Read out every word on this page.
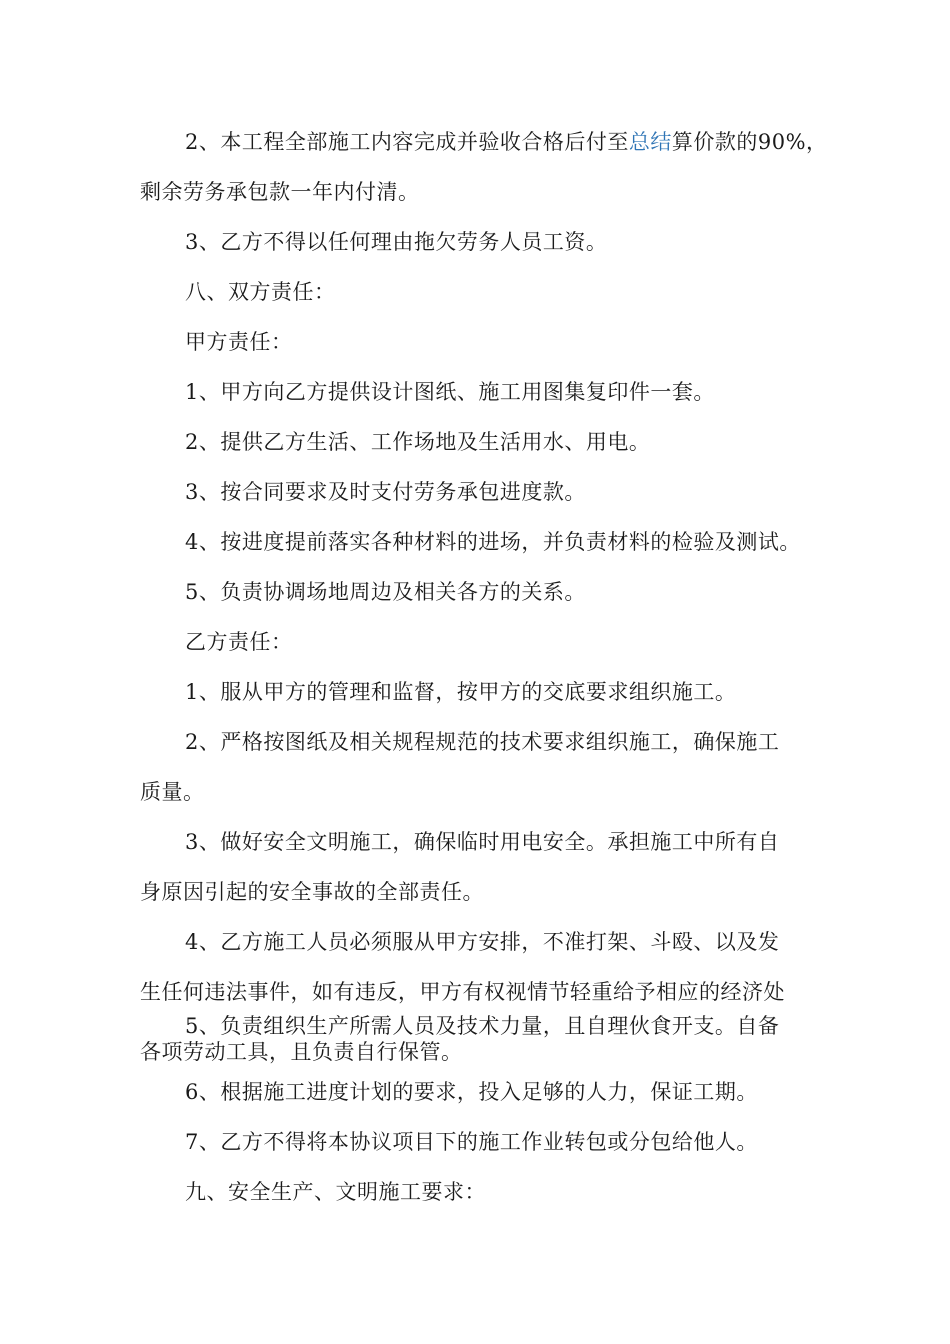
2、本工程全部施工内容完成并验收合格后付至总结算价款的90%，
剩余劳务承包款一年内付清。
3、乙方不得以任何理由拖欠劳务人员工资。
八、双方责任：
甲方责任：
1、甲方向乙方提供设计图纸、施工用图集复印件一套。
2、提供乙方生活、工作场地及生活用水、用电。
3、按合同要求及时支付劳务承包进度款。
4、按进度提前落实各种材料的进场，并负责材料的检验及测试。
5、负责协调场地周边及相关各方的关系。
乙方责任：
1、服从甲方的管理和监督，按甲方的交底要求组织施工。
2、严格按图纸及相关规程规范的技术要求组织施工，确保施工
质量。
3、做好安全文明施工，确保临时用电安全。承担施工中所有自
身原因引起的安全事故的全部责任。
4、乙方施工人员必须服从甲方安排，不准打架、斗殴、以及发
生任何违法事件，如有违反，甲方有权视情节轻重给予相应的经济处
5、负责组织生产所需人员及技术力量，且自理伙食开支。自备
各项劳动工具，且负责自行保管。
6、根据施工进度计划的要求，投入足够的人力，保证工期。
7、乙方不得将本协议项目下的施工作业转包或分包给他人。
九、安全生产、文明施工要求：
